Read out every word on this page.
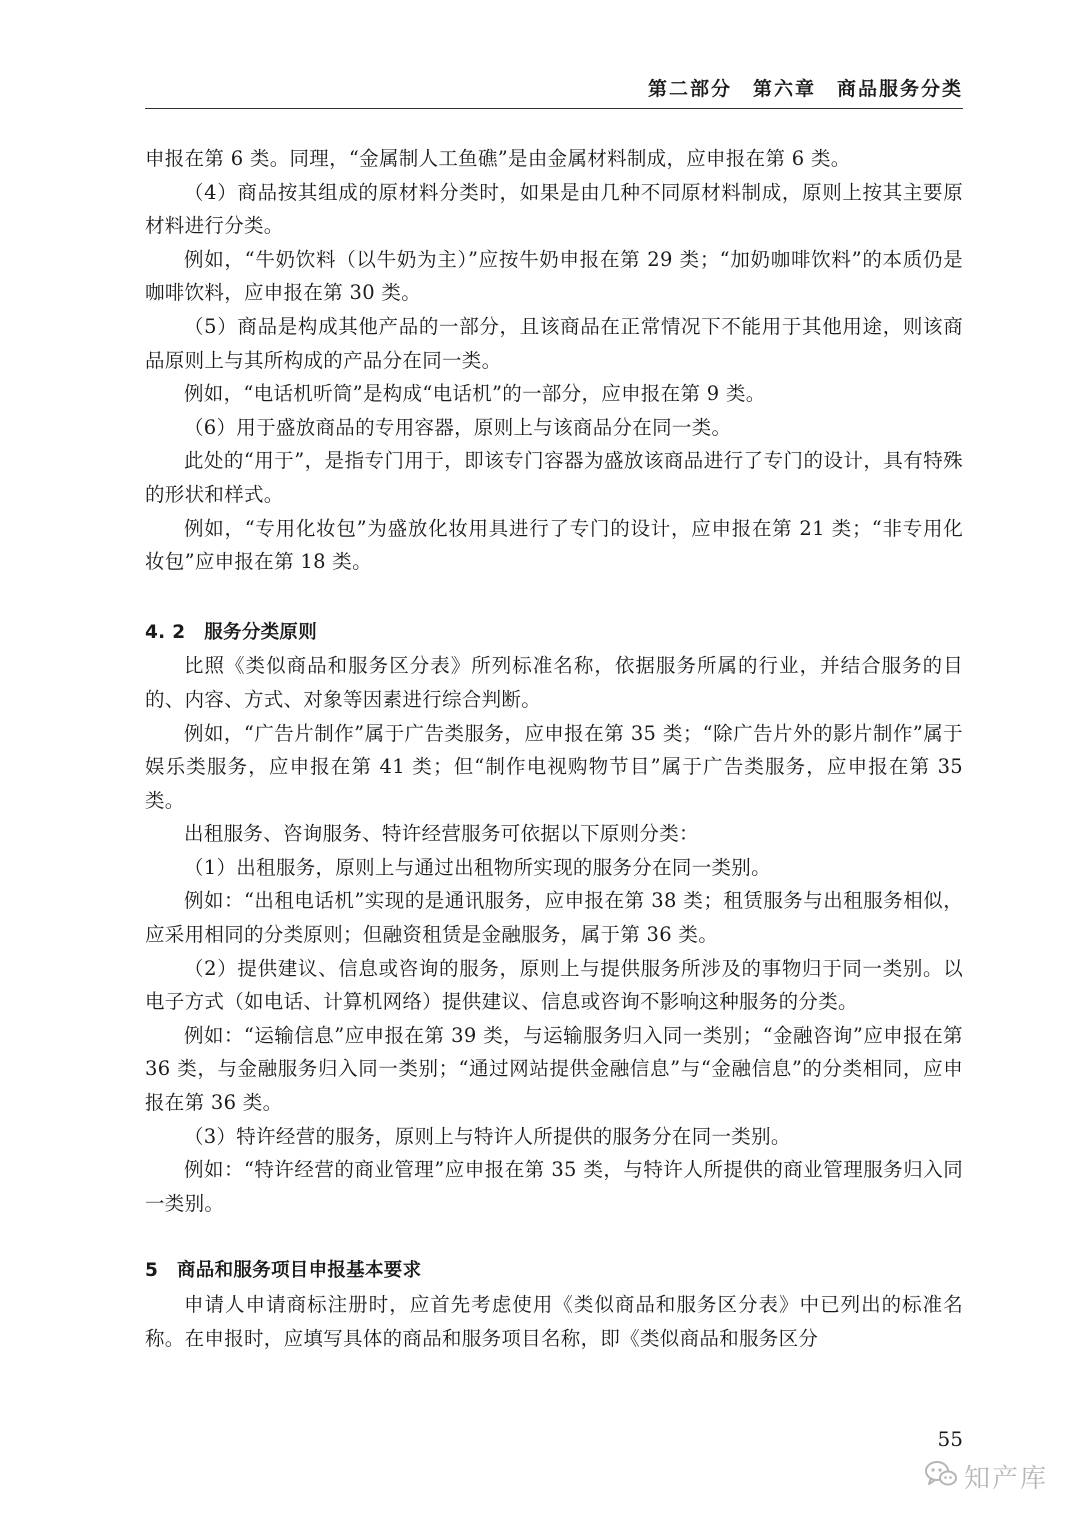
第二部分　第六章　商品服务分类

申报在第 6 类。同理，“金属制人工鱼礁”是由金属材料制成，应申报在第 6 类。

（4）商品按其组成的原材料分类时，如果是由几种不同原材料制成，原则上按其主要原材料进行分类。

例如，“牛奶饮料（以牛奶为主）”应按牛奶申报在第 29 类；“加奶咖啡饮料”的本质仍是咖啡饮料，应申报在第 30 类。

（5）商品是构成其他产品的一部分，且该商品在正常情况下不能用于其他用途，则该商品原则上与其所构成的产品分在同一类。

例如，“电话机听筒”是构成“电话机”的一部分，应申报在第 9 类。

（6）用于盛放商品的专用容器，原则上与该商品分在同一类。

此处的“用于”，是指专门用于，即该专门容器为盛放该商品进行了专门的设计，具有特殊的形状和样式。

例如，“专用化妆包”为盛放化妆用具进行了专门的设计，应申报在第 21 类；“非专用化妆包”应申报在第 18 类。

4. 2　服务分类原则

比照《类似商品和服务区分表》所列标准名称，依据服务所属的行业，并结合服务的目的、内容、方式、对象等因素进行综合判断。

例如，“广告片制作”属于广告类服务，应申报在第 35 类；“除广告片外的影片制作”属于娱乐类服务，应申报在第 41 类；但“制作电视购物节目”属于广告类服务，应申报在第 35 类。

出租服务、咨询服务、特许经营服务可依据以下原则分类：

（1）出租服务，原则上与通过出租物所实现的服务分在同一类别。

例如：“出租电话机”实现的是通讯服务，应申报在第 38 类；租赁服务与出租服务相似，应采用相同的分类原则；但融资租赁是金融服务，属于第 36 类。

（2）提供建议、信息或咨询的服务，原则上与提供服务所涉及的事物归于同一类别。以电子方式（如电话、计算机网络）提供建议、信息或咨询不影响这种服务的分类。

例如：“运输信息”应申报在第 39 类，与运输服务归入同一类别；“金融咨询”应申报在第 36 类，与金融服务归入同一类别；“通过网站提供金融信息”与“金融信息”的分类相同，应申报在第 36 类。

（3）特许经营的服务，原则上与特许人所提供的服务分在同一类别。

例如：“特许经营的商业管理”应申报在第 35 类，与特许人所提供的商业管理服务归入同一类别。

5　商品和服务项目申报基本要求

申请人申请商标注册时，应首先考虑使用《类似商品和服务区分表》中已列出的标准名称。在申报时，应填写具体的商品和服务项目名称，即《类似商品和服务区分

55
知产库
